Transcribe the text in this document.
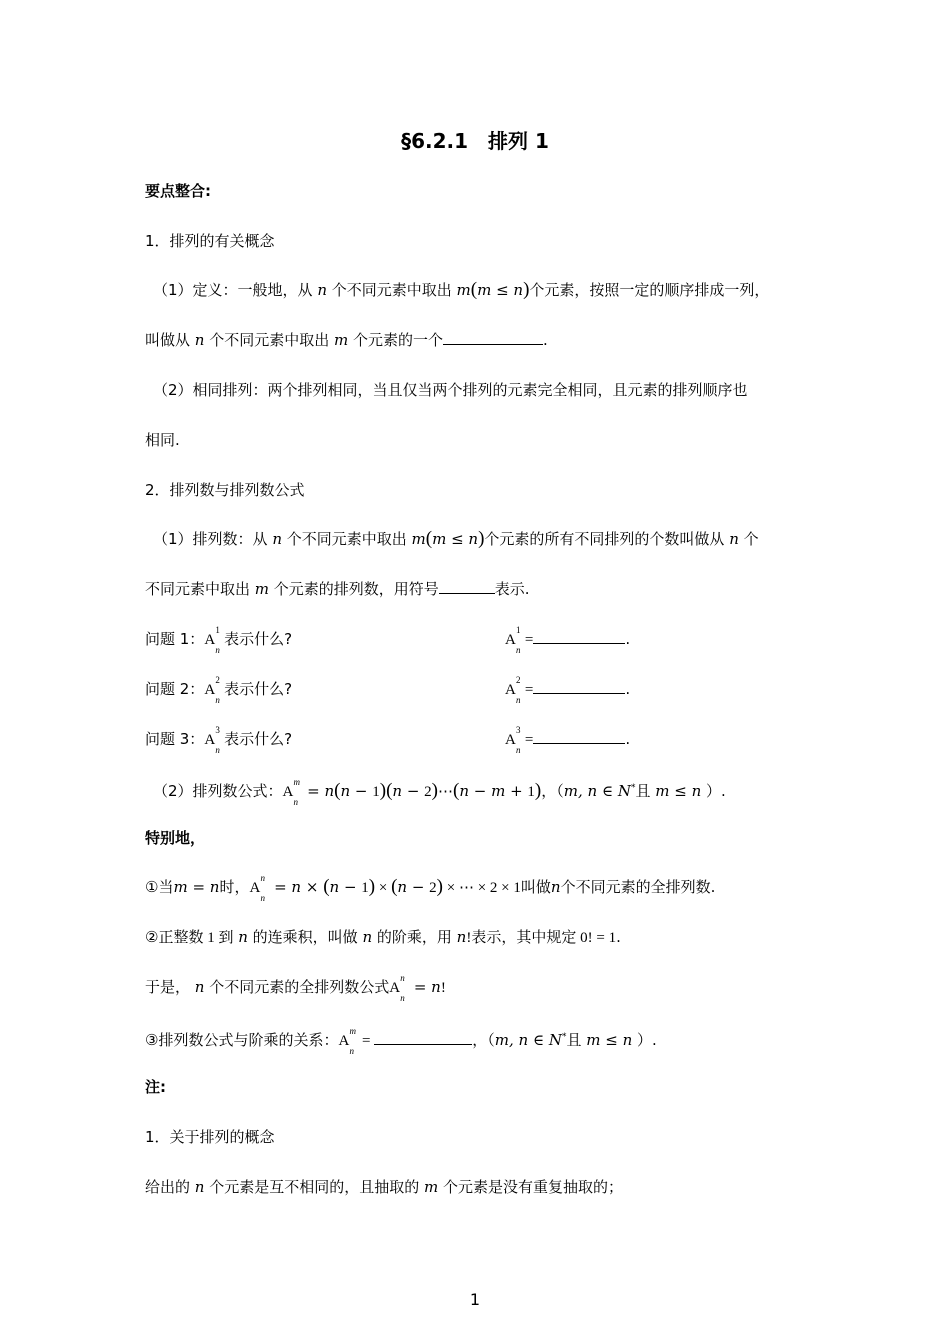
§6.2.1　排列 1
要点整合:
1．排列的有关概念
（1）定义：一般地，从 n 个不同元素中取出 m(m ≤ n)个元素，按照一定的顺序排成一列，
叫做从 n 个不同元素中取出 m 个元素的一个	.
（2）相同排列：两个排列相同，当且仅当两个排列的元素完全相同，且元素的排列顺序也
相同.
2．排列数与排列数公式
（1）排列数：从 n 个不同元素中取出 m(m ≤ n)个元素的所有不同排列的个数叫做从 n 个
不同元素中取出 m 个元素的排列数，用符号	表示.
问题 1：A
1
n
表示什么?	A
1
n
=	.
问题 2：A
2
n
表示什么?	A
2
n
=	.
问题 3：A
3
n
表示什么?	A
3
n
=	.
（2）排列数公式：A
m
n
= n(n − 1)(n − 2)⋯(n − m + 1)，（m, n ∈ N*且 m ≤ n ）.
特别地，
①当m = n时，A
n
n
= n × (n − 1) × (n − 2) × ⋯ × 2 × 1叫做n个不同元素的全排列数.
②正整数 1 到 n 的连乘积，叫做 n 的阶乘，用 n!表示，其中规定 0! = 1.
于是， n 个不同元素的全排列数公式A
n
n
= n!
③排列数公式与阶乘的关系：A
m
n
=	，（m, n ∈ N*且 m ≤ n ）.
注:
1．关于排列的概念
给出的 n 个元素是互不相同的，且抽取的 m 个元素是没有重复抽取的；
1
